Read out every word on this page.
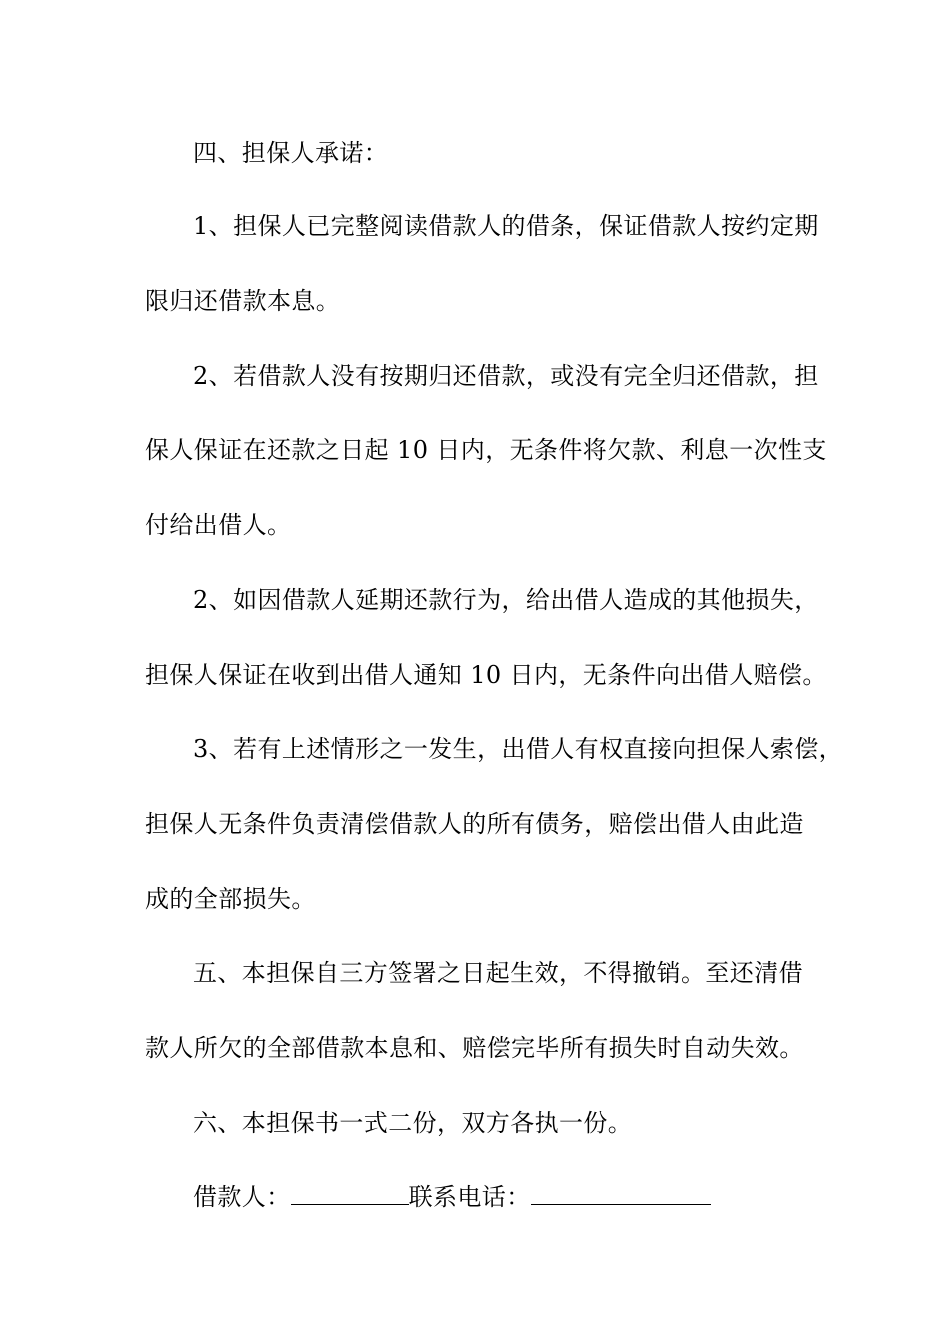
四、担保人承诺：
1、担保人已完整阅读借款人的借条，保证借款人按约定期
限归还借款本息。
2、若借款人没有按期归还借款，或没有完全归还借款，担
保人保证在还款之日起 10 日内，无条件将欠款、利息一次性支
付给出借人。
2、如因借款人延期还款行为，给出借人造成的其他损失，
担保人保证在收到出借人通知 10 日内，无条件向出借人赔偿。
3、若有上述情形之一发生，出借人有权直接向担保人索偿，
担保人无条件负责清偿借款人的所有债务，赔偿出借人由此造
成的全部损失。
五、本担保自三方签署之日起生效，不得撤销。至还清借
款人所欠的全部借款本息和、赔偿完毕所有损失时自动失效。
六、本担保书一式二份，双方各执一份。
借款人：	联系电话：
